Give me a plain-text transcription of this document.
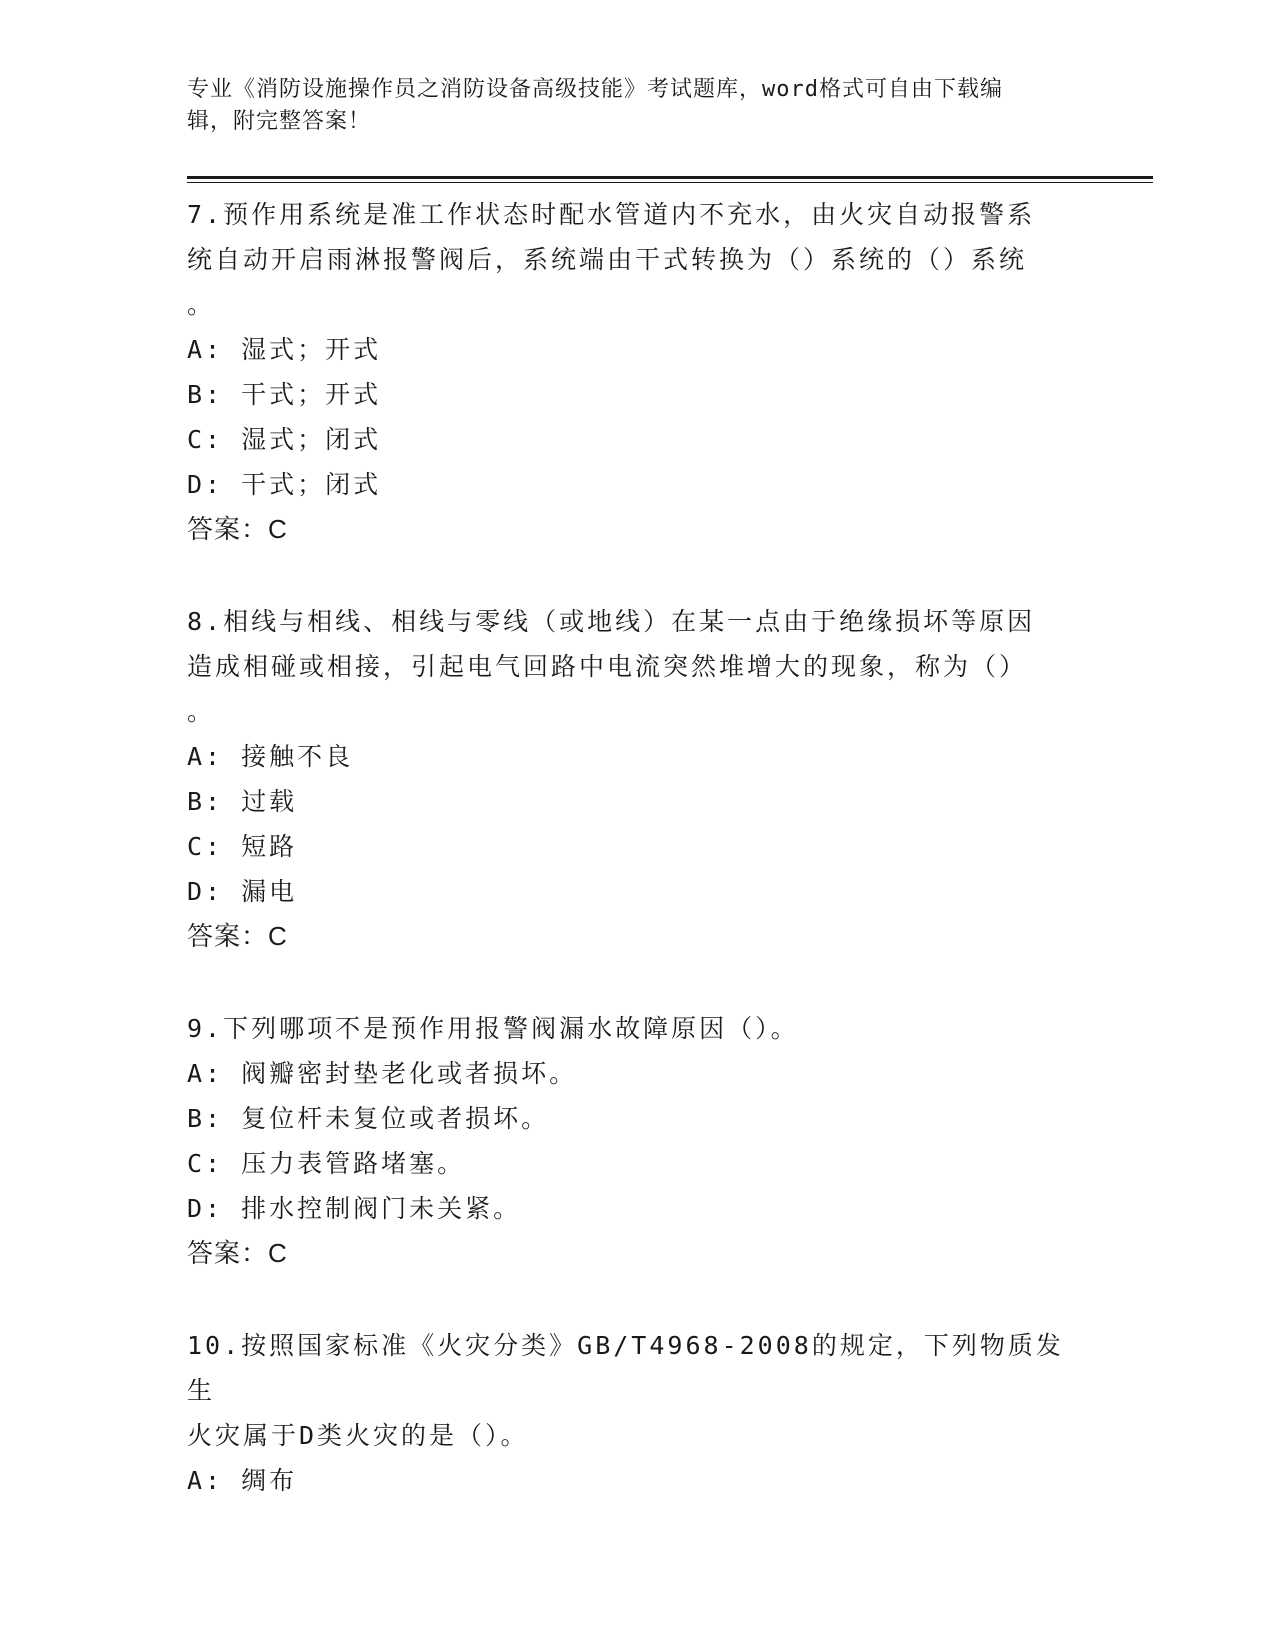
专业《消防设施操作员之消防设备高级技能》考试题库，word格式可自由下载编
辑，附完整答案！

7.预作用系统是准工作状态时配水管道内不充水，由火灾自动报警系

统自动开启雨淋报警阀后，系统端由干式转换为（）系统的（）系统

。

A: 湿式；开式

B: 干式；开式

C: 湿式；闭式

D: 干式；闭式

答案：C

8.相线与相线、相线与零线（或地线）在某一点由于绝缘损坏等原因

造成相碰或相接，引起电气回路中电流突然堆增大的现象，称为（）

。

A: 接触不良

B: 过载

C: 短路

D: 漏电

答案：C

9.下列哪项不是预作用报警阀漏水故障原因（）。

A: 阀瓣密封垫老化或者损坏。

B: 复位杆未复位或者损坏。

C: 压力表管路堵塞。

D: 排水控制阀门未关紧。

答案：C

10.按照国家标准《火灾分类》GB/T4968-2008的规定，下列物质发生

火灾属于D类火灾的是（）。

A: 绸布
